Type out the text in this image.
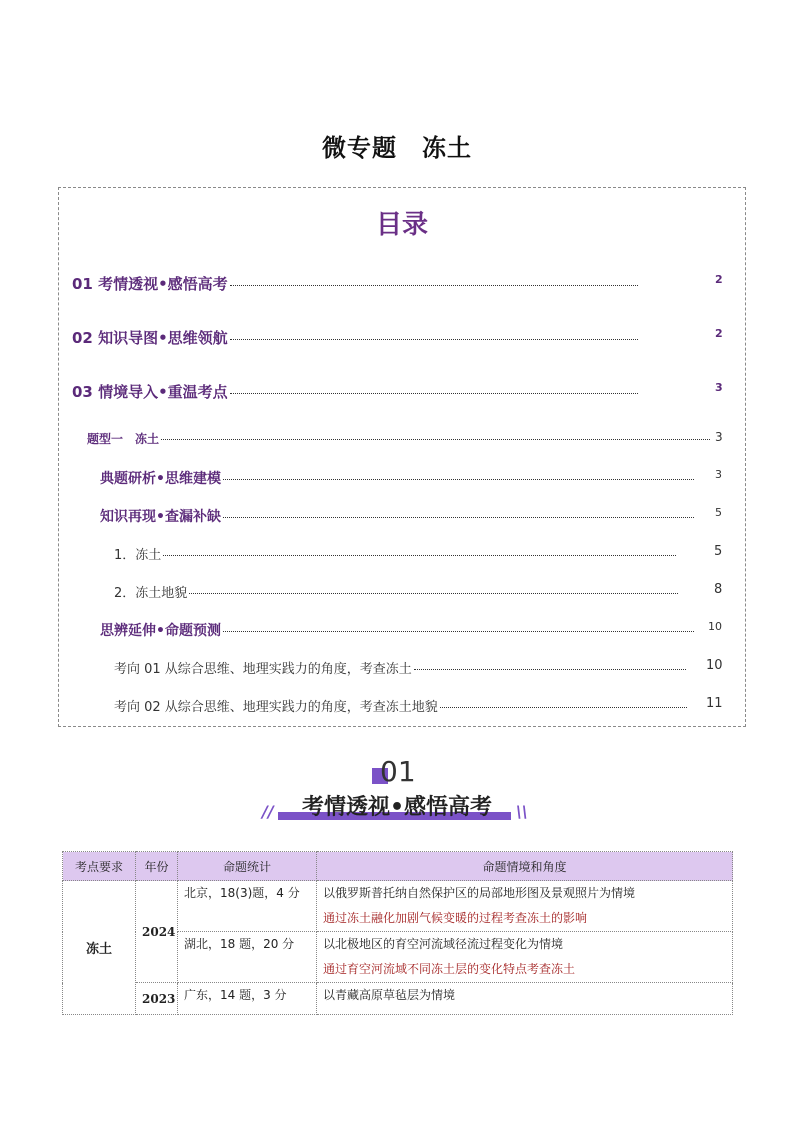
微专题　冻土
目录
01 考情透视•感悟高考	2
02 知识导图•思维领航	2
03 情境导入•重温考点	3
题型一　冻土	3
典题研析•思维建模	3
知识再现•查漏补缺	5
1．冻土	5
2．冻土地貌	8
思辨延伸•命题预测	10
考向 01 从综合思维、地理实践力的角度，考查冻土	10
考向 02 从综合思维、地理实践力的角度，考查冻土地貌	11
01
//	考情透视•感悟高考	\\
考点要求	年份	命题统计	命题情境和角度
冻土	2024	北京，18(3)题，4 分	以俄罗斯普托纳自然保护区的局部地形图及景观照片为情境
通过冻土融化加剧气候变暖的过程考查冻土的影响

		湖北，18 题，20 分	以北极地区的育空河流域径流过程变化为情境
通过育空河流域不同冻土层的变化特点考查冻土

	2023	广东，14 题，3 分	以青藏高原草毡层为情境
